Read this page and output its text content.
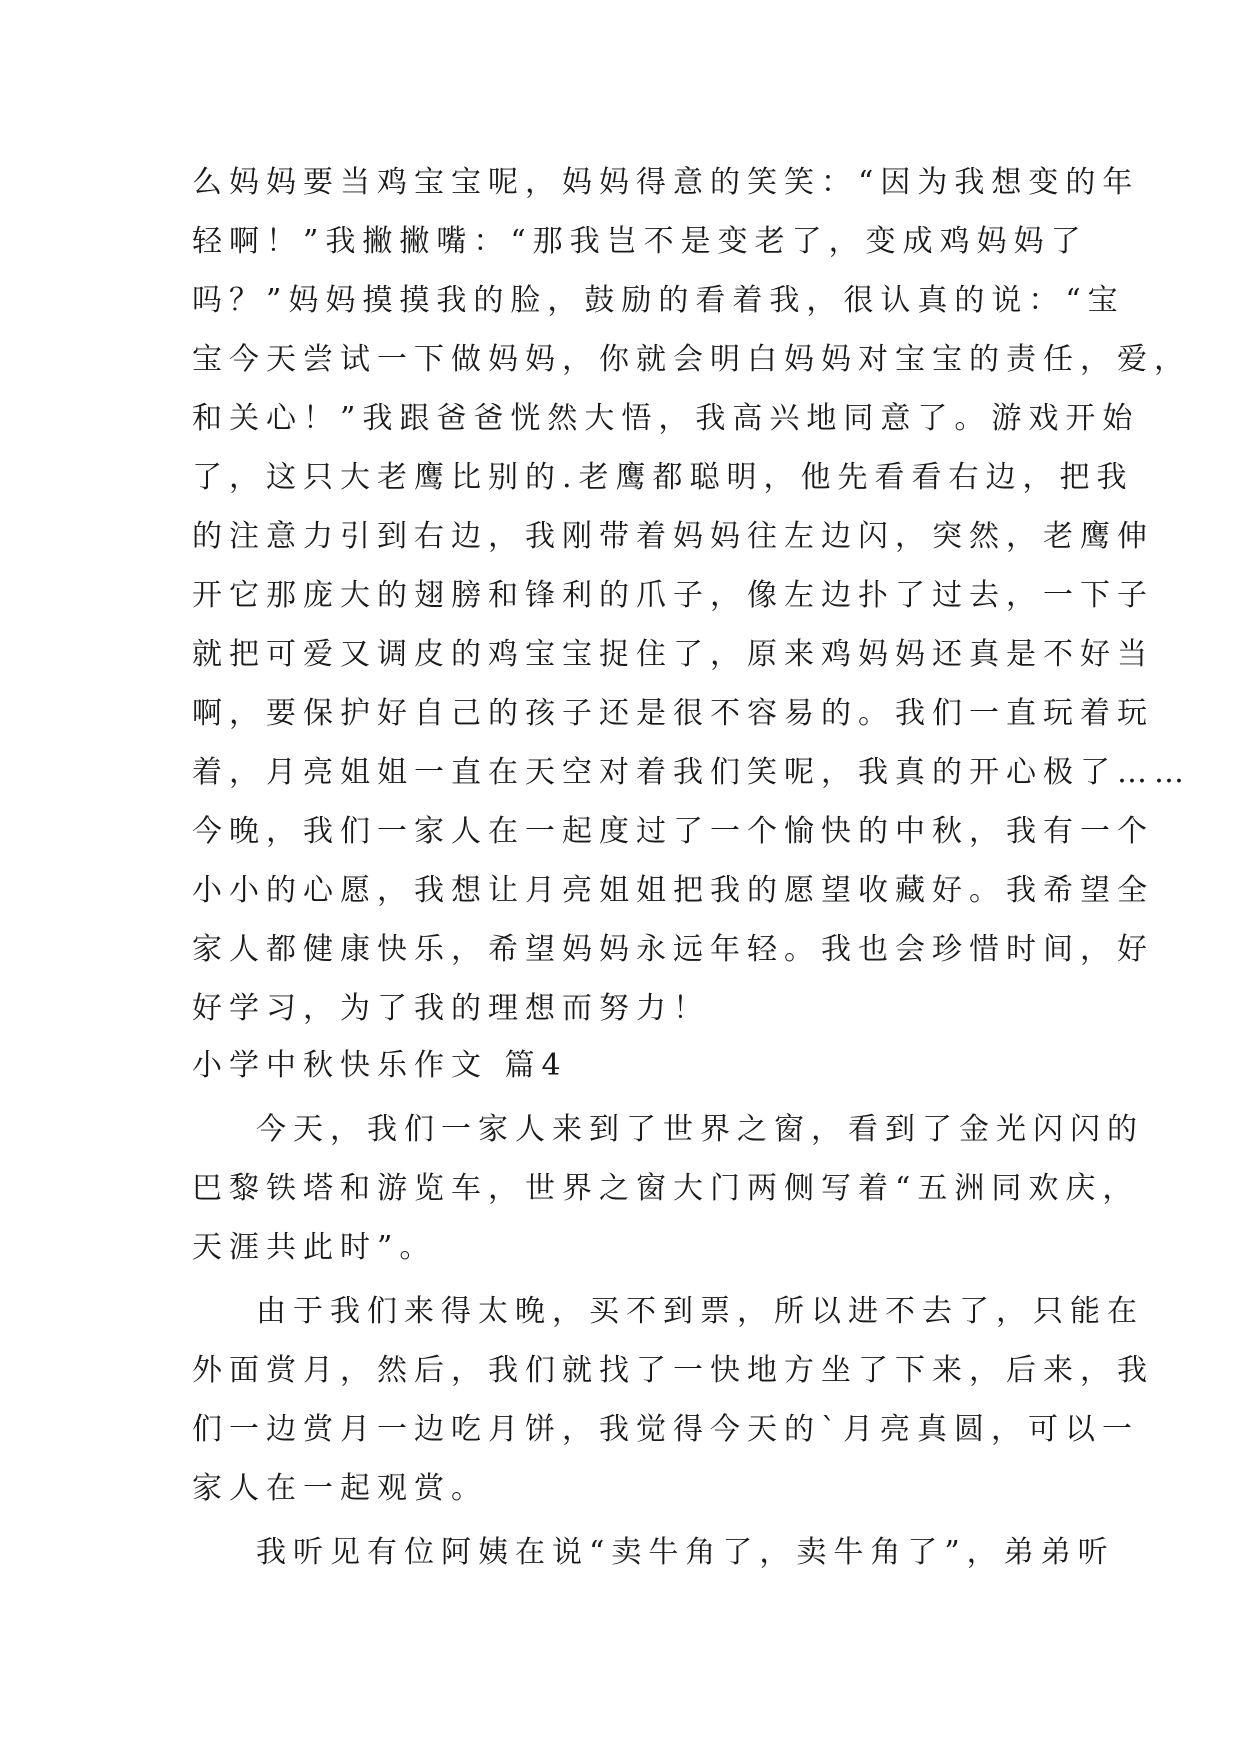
么妈妈要当鸡宝宝呢，妈妈得意的笑笑：“因为我想变的年
轻啊！”我撇撇嘴：“那我岂不是变老了，变成鸡妈妈了
吗？”妈妈摸摸我的脸，鼓励的看着我，很认真的说：“宝
宝今天尝试一下做妈妈，你就会明白妈妈对宝宝的责任，爱，
和关心！”我跟爸爸恍然大悟，我高兴地同意了。游戏开始
了，这只大老鹰比别的.老鹰都聪明，他先看看右边，把我
的注意力引到右边，我刚带着妈妈往左边闪，突然，老鹰伸
开它那庞大的翅膀和锋利的爪子，像左边扑了过去，一下子
就把可爱又调皮的鸡宝宝捉住了，原来鸡妈妈还真是不好当
啊，要保护好自己的孩子还是很不容易的。我们一直玩着玩
着，月亮姐姐一直在天空对着我们笑呢，我真的开心极了……
今晚，我们一家人在一起度过了一个愉快的中秋，我有一个
小小的心愿，我想让月亮姐姐把我的愿望收藏好。我希望全
家人都健康快乐，希望妈妈永远年轻。我也会珍惜时间，好
好学习，为了我的理想而努力！
小学中秋快乐作文 篇4
今天，我们一家人来到了世界之窗，看到了金光闪闪的
巴黎铁塔和游览车，世界之窗大门两侧写着“五洲同欢庆，
天涯共此时”。
由于我们来得太晚，买不到票，所以进不去了，只能在
外面赏月，然后，我们就找了一快地方坐了下来，后来，我
们一边赏月一边吃月饼，我觉得今天的`月亮真圆，可以一
家人在一起观赏。
我听见有位阿姨在说“卖牛角了，卖牛角了”，弟弟听
